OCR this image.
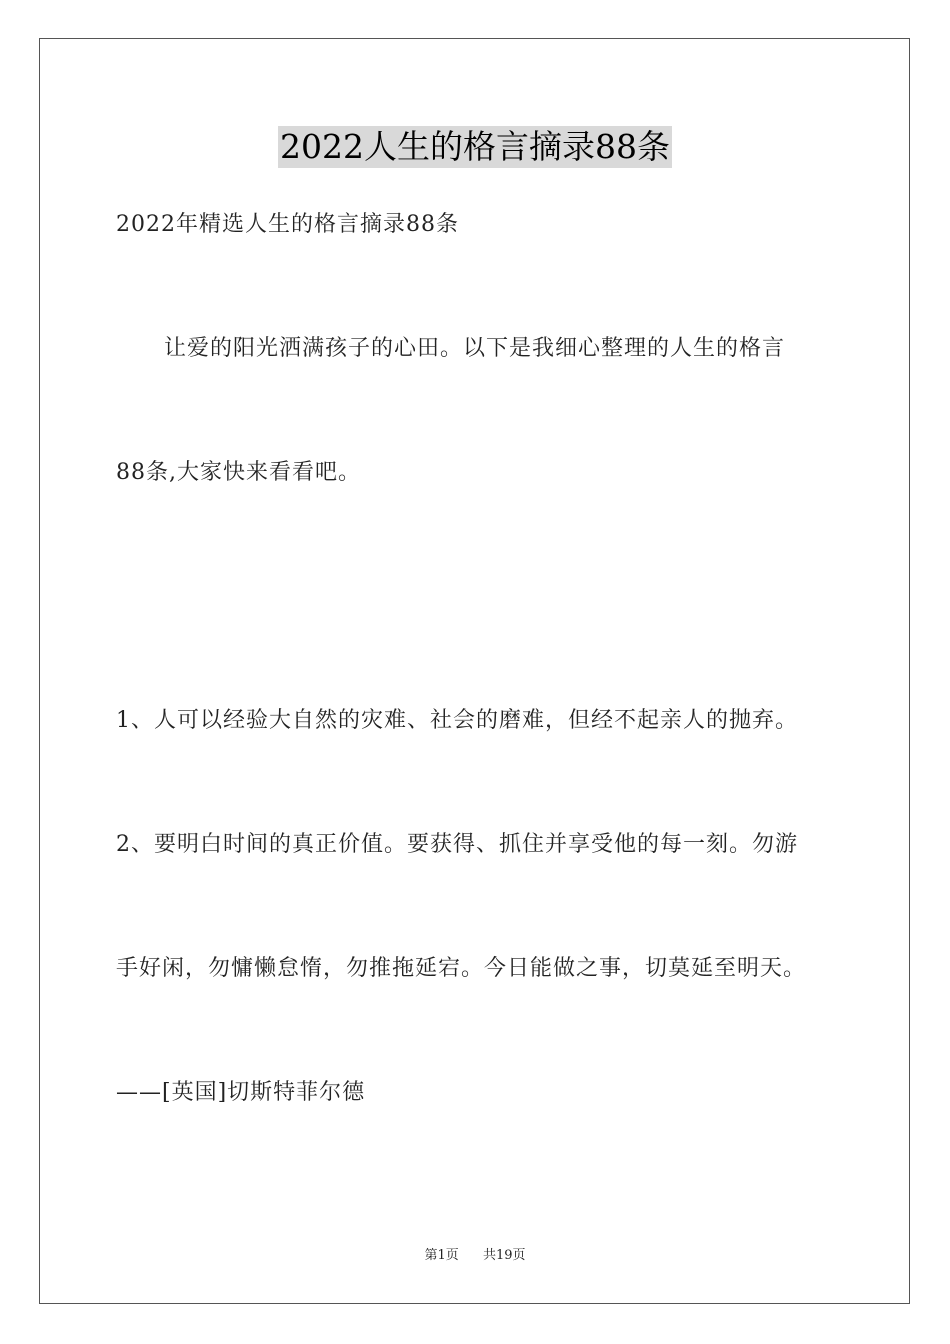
2022人生的格言摘录88条
2022年精选人生的格言摘录88条
让爱的阳光洒满孩子的心田。以下是我细心整理的人生的格言
88条,大家快来看看吧。
1、人可以经验大自然的灾难、社会的磨难，但经不起亲人的抛弃。
2、要明白时间的真正价值。要获得、抓住并享受他的每一刻。勿游
手好闲，勿慵懒怠惰，勿推拖延宕。今日能做之事，切莫延至明天。
——[英国]切斯特菲尔德
第1页 共19页
